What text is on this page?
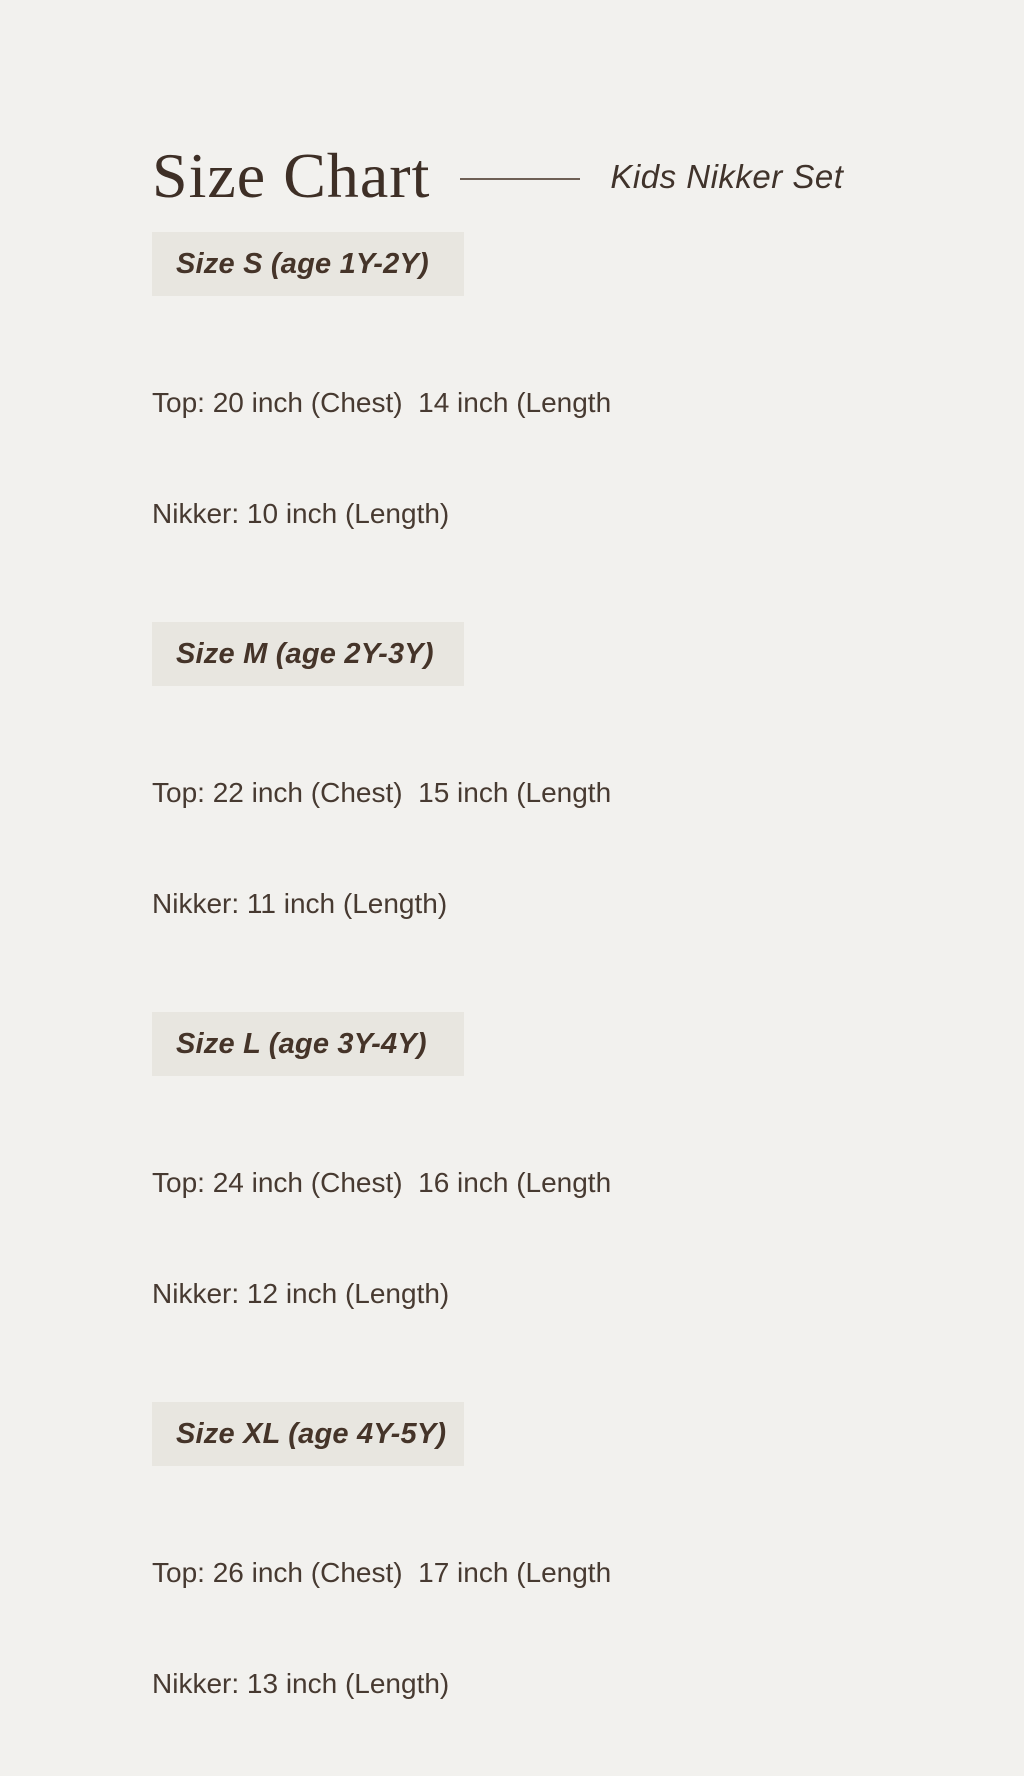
Size Chart	Kids Nikker Set
Size S (age 1Y-2Y)

Top: 20 inch (Chest)  14 inch (Length

Nikker: 10 inch (Length)

Size M (age 2Y-3Y)

Top: 22 inch (Chest)  15 inch (Length

Nikker: 11 inch (Length)

Size L (age 3Y-4Y)

Top: 24 inch (Chest)  16 inch (Length

Nikker: 12 inch (Length)

Size XL (age 4Y-5Y)

Top: 26 inch (Chest)  17 inch (Length

Nikker: 13 inch (Length)
